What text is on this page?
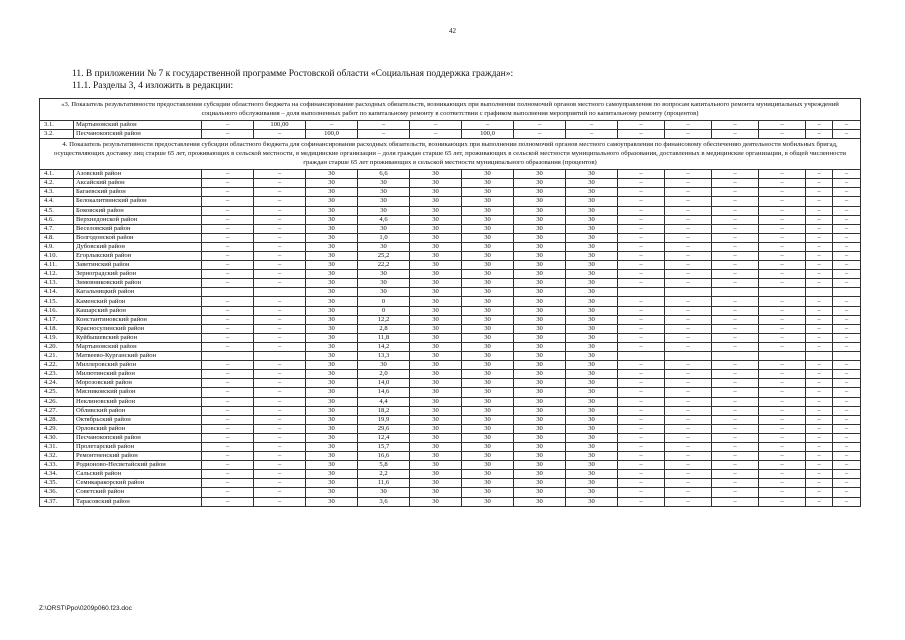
42
11. В приложении № 7 к государственной программе Ростовской области «Социальная поддержка граждан»:
11.1. Разделы 3, 4 изложить в редакции:
«3. Показатель результативности предоставления субсидии областного бюджета на софинансирование расходных обязательств, возникающих при выполнении полномочий органов местного самоуправления по вопросам капитального ремонта муниципальных учреждений социального обслуживания – доля выполненных работ по капитальному ремонту в соответствии с графиком выполнения мероприятий по капитальному ремонту (процентов)															
3.1.	Мартыновский район	–	100,00	–	–	–	–	–	–	–	–	–	–	–	–
3.2.	Песчанокопский район	–	–	100,0	–	–	100,0	–	–	–	–	–	–	–	–
4. Показатель результативности предоставления субсидии областного бюджета для софинансирования расходных обязательств, возникающих при выполнении полномочий органов местного самоуправления по финансовому обеспечению деятельности мобильных бригад, осуществляющих доставку лиц старше 65 лет, проживающих в сельской местности, в медицинские организации – доля граждан старше 65 лет, проживающих в сельской местности муниципального образования, доставленных в медицинские организации, в общей численности граждан старше 65 лет проживающих в сельской местности муниципального образования (процентов)															
4.1.	Азовский район	–	–	30	6,6	30	30	30	30	–	–	–	–	–	–
4.2.	Аксайский район	–	–	30	30	30	30	30	30	–	–	–	–	–	–
4.3.	Багаевский район	–	–	30	30	30	30	30	30	–	–	–	–	–	–
4.4.	Белокалитвинский район	–	–	30	30	30	30	30	30	–	–	–	–	–	–
4.5.	Боковский район	–	–	30	30	30	30	30	30	–	–	–	–	–	–
4.6.	Верхнедонской район	–	–	30	4,6	30	30	30	30	–	–	–	–	–	–
4.7.	Веселовский район	–	–	30	30	30	30	30	30	–	–	–	–	–	–
4.8.	Волгодонской район	–	–	30	1,0	30	30	30	30	–	–	–	–	–	–
4.9.	Дубовский район	–	–	30	30	30	30	30	30	–	–	–	–	–	–
4.10.	Егорлыкский район	–	–	30	25,2	30	30	30	30	–	–	–	–	–	–
4.11.	Заветинский район	–	–	30	22,2	30	30	30	30	–	–	–	–	–	–
4.12.	Зерноградский район	–	–	30	30	30	30	30	30	–	–	–	–	–	–
4.13.	Зимовниковский район	–	–	30	30	30	30	30	30	–	–	–	–	–	–
4.14.	Кагальницкий район			30	30	30	30	30	30						
4.15.	Каменский район	–	–	30	0	30	30	30	30	–	–	–	–	–	–
4.16.	Кашарский район	–	–	30	0	30	30	30	30	–	–	–	–	–	–
4.17.	Константиновский район	–	–	30	12,2	30	30	30	30	–	–	–	–	–	–
4.18.	Красносулинский район	–	–	30	2,8	30	30	30	30	–	–	–	–	–	–
4.19.	Куйбышевский район	–	–	30	11,8	30	30	30	30	–	–	–	–	–	–
4.20.	Мартыновский район	–	–	30	14,2	30	30	30	30	–	–	–	–	–	–
4.21.	Матвеево-Курганский район			30	13,3	30	30	30	30						
4.22.	Миллеровский район	–	–	30	30	30	30	30	30	–	–	–	–	–	–
4.23.	Милютинский район	–	–	30	2,0	30	30	30	30	–	–	–	–	–	–
4.24.	Морозовский район	–	–	30	14,0	30	30	30	30	–	–	–	–	–	–
4.25.	Мясниковский район	–	–	30	14,6	30	30	30	30	–	–	–	–	–	–
4.26.	Неклиновский район	–	–	30	4,4	30	30	30	30	–	–	–	–	–	–
4.27.	Обливский район	–	–	30	18,2	30	30	30	30	–	–	–	–	–	–
4.28.	Октябрьский район	–	–	30	19,9	30	30	30	30	–	–	–	–	–	–
4.29.	Орловский район	–	–	30	29,6	30	30	30	30	–	–	–	–	–	–
4.30.	Песчанокопский район	–	–	30	12,4	30	30	30	30	–	–	–	–	–	–
4.31.	Пролетарский район	–	–	30	15,7	30	30	30	30	–	–	–	–	–	–
4.32.	Ремонтненский район	–	–	30	16,6	30	30	30	30	–	–	–	–	–	–
4.33.	Родионово-Несветайский район	–	–	30	5,8	30	30	30	30	–	–	–	–	–	–
4.34.	Сальский район	–	–	30	2,2	30	30	30	30	–	–	–	–	–	–
4.35.	Семикаракорский район	–	–	30	11,6	30	30	30	30	–	–	–	–	–	–
4.36.	Советский район	–	–	30	30	30	30	30	30	–	–	–	–	–	–
4.37.	Тарасовский район	–	–	30	3,6	30	30	30	30	–	–	–	–	–	–
Z:\ORST\Ppo\0209p060.f23.doc
